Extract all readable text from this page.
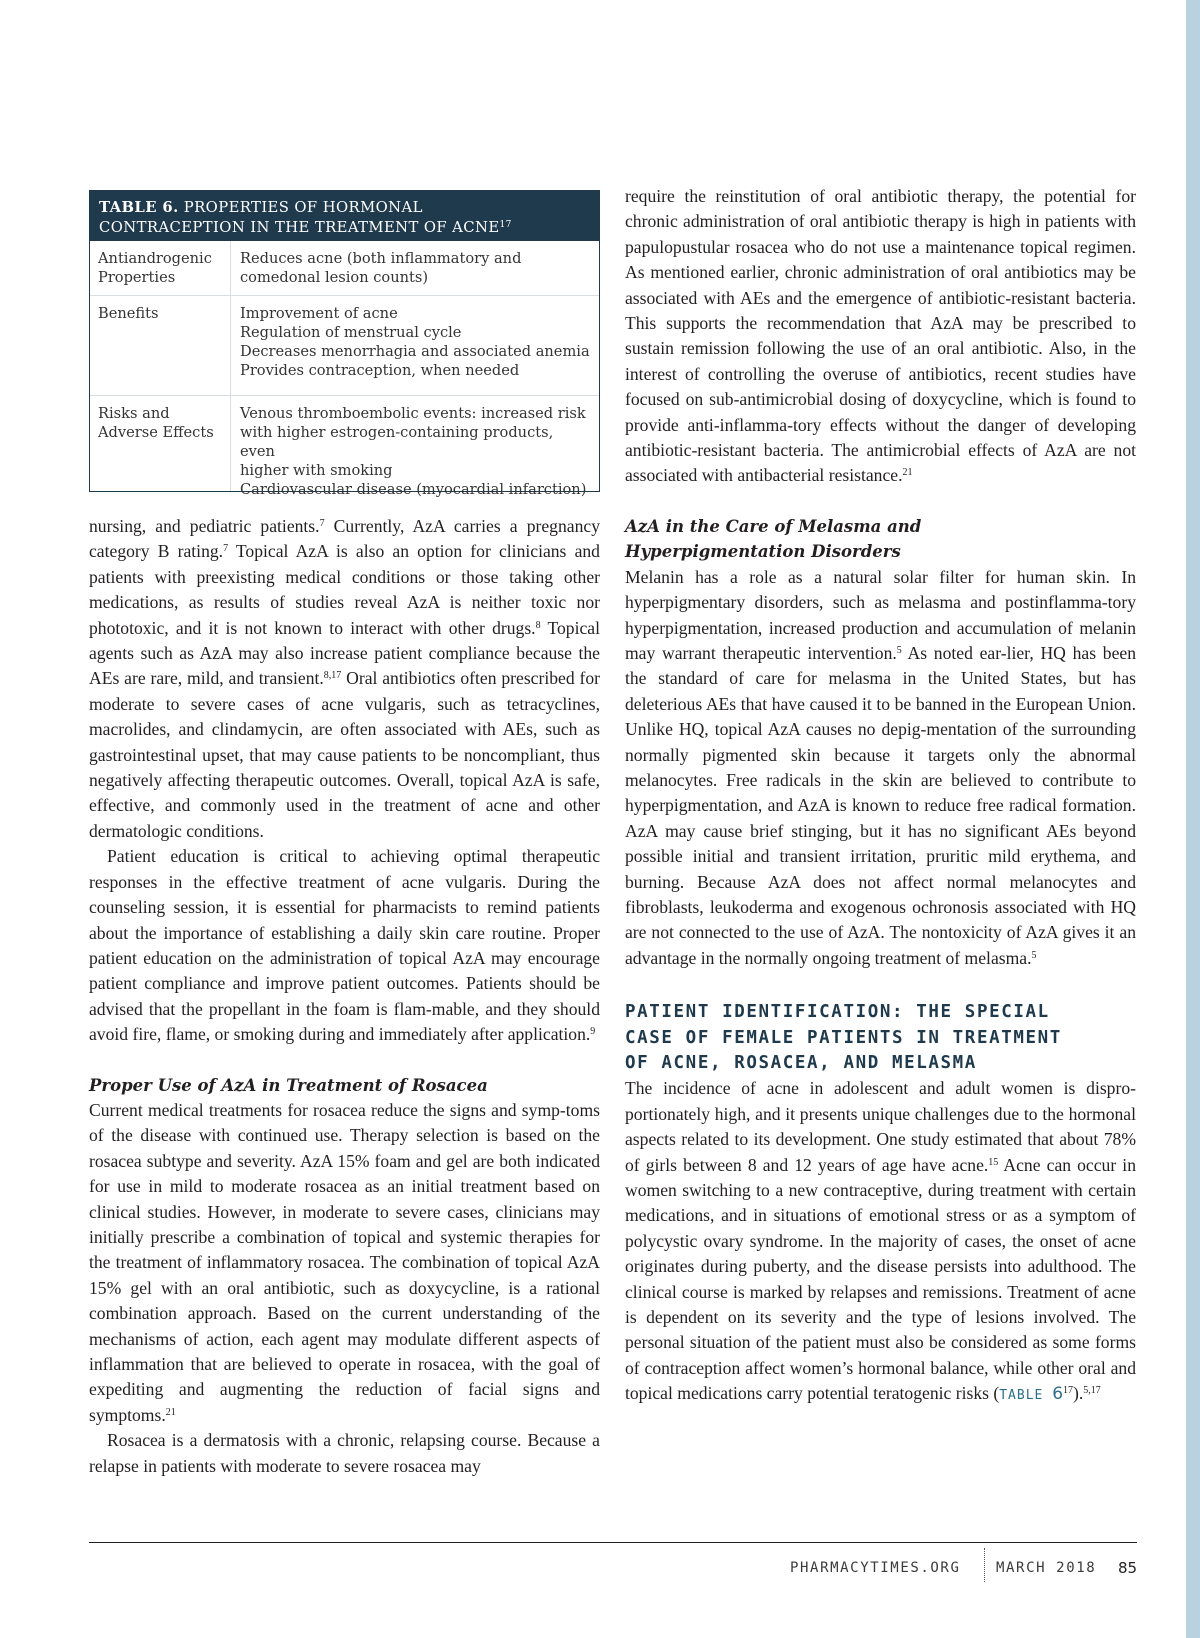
TABLE 6. PROPERTIES OF HORMONAL
CONTRACEPTION IN THE TREATMENT OF ACNE$^{17}$
Antiandrogenic
Properties
Reduces acne (both inflammatory and
comedonal lesion counts)
Benefits	Improvement of acne
Regulation of menstrual cycle
Decreases menorrhagia and associated anemia
Provides contraception, when needed
Risks and
Adverse Effects
Venous thromboembolic events: increased risk
with higher estrogen-containing products, even
higher with smoking
Cardiovascular disease (myocardial infarction)

nursing, and pediatric patients.$^7$ Currently, AzA carries a pregnancy category B rating.$^7$ Topical AzA is also an option for clinicians and patients with preexisting medical conditions or those taking other medications, as results of studies reveal AzA is neither toxic nor phototoxic, and it is not known to interact with other drugs.$^8$ Topical agents such as AzA may also increase patient compliance because the AEs are rare, mild, and transient.$^{8,17}$ Oral antibiotics often prescribed for moderate to severe cases of acne vulgaris, such as tetracyclines, macrolides, and clindamycin, are often associated with AEs, such as gastrointestinal upset, that may cause patients to be noncompliant, thus negatively affecting therapeutic outcomes. Overall, topical AzA is safe, effective, and commonly used in the treatment of acne and other dermatologic conditions.

Patient education is critical to achieving optimal therapeutic responses in the effective treatment of acne vulgaris. During the counseling session, it is essential for pharmacists to remind patients about the importance of establishing a daily skin care routine. Proper patient education on the administration of topical AzA may encourage patient compliance and improve patient outcomes. Patients should be advised that the propellant in the foam is flam-mable, and they should avoid fire, flame, or smoking during and immediately after application.$^9$

Proper Use of AzA in Treatment of Rosacea

Current medical treatments for rosacea reduce the signs and symp-toms of the disease with continued use. Therapy selection is based on the rosacea subtype and severity. AzA 15% foam and gel are both indicated for use in mild to moderate rosacea as an initial treatment based on clinical studies. However, in moderate to severe cases, clinicians may initially prescribe a combination of topical and systemic therapies for the treatment of inflammatory rosacea. The combination of topical AzA 15% gel with an oral antibiotic, such as doxycycline, is a rational combination approach. Based on the current understanding of the mechanisms of action, each agent may modulate different aspects of inflammation that are believed to operate in rosacea, with the goal of expediting and augmenting the reduction of facial signs and symptoms.$^{21}$

Rosacea is a dermatosis with a chronic, relapsing course. Because a relapse in patients with moderate to severe rosacea may

require the reinstitution of oral antibiotic therapy, the potential for chronic administration of oral antibiotic therapy is high in patients with papulopustular rosacea who do not use a maintenance topical regimen. As mentioned earlier, chronic administration of oral antibiotics may be associated with AEs and the emergence of antibiotic-resistant bacteria. This supports the recommendation that AzA may be prescribed to sustain remission following the use of an oral antibiotic. Also, in the interest of controlling the overuse of antibiotics, recent studies have focused on sub-antimicrobial dosing of doxycycline, which is found to provide anti-inflamma-tory effects without the danger of developing antibiotic-resistant bacteria. The antimicrobial effects of AzA are not associated with antibacterial resistance.$^{21}$

AzA in the Care of Melasma and
Hyperpigmentation Disorders

Melanin has a role as a natural solar filter for human skin. In hyperpigmentary disorders, such as melasma and postinflamma-tory hyperpigmentation, increased production and accumulation of melanin may warrant therapeutic intervention.$^5$ As noted ear-lier, HQ has been the standard of care for melasma in the United States, but has deleterious AEs that have caused it to be banned in the European Union. Unlike HQ, topical AzA causes no depig-mentation of the surrounding normally pigmented skin because it targets only the abnormal melanocytes. Free radicals in the skin are believed to contribute to hyperpigmentation, and AzA is known to reduce free radical formation. AzA may cause brief stinging, but it has no significant AEs beyond possible initial and transient irritation, pruritic mild erythema, and burning. Because AzA does not affect normal melanocytes and fibroblasts, leukoderma and exogenous ochronosis associated with HQ are not connected to the use of AzA. The nontoxicity of AzA gives it an advantage in the normally ongoing treatment of melasma.$^5$

PATIENT IDENTIFICATION: THE SPECIAL
CASE OF FEMALE PATIENTS IN TREATMENT
OF ACNE, ROSACEA, AND MELASMA

The incidence of acne in adolescent and adult women is dispro-portionately high, and it presents unique challenges due to the hormonal aspects related to its development. One study estimated that about 78% of girls between 8 and 12 years of age have acne.$^{15}$ Acne can occur in women switching to a new contraceptive, during treatment with certain medications, and in situations of emotional stress or as a symptom of polycystic ovary syndrome. In the majority of cases, the onset of acne originates during puberty, and the disease persists into adulthood. The clinical course is marked by relapses and remissions. Treatment of acne is dependent on its severity and the type of lesions involved. The personal situation of the patient must also be considered as some forms of contraception affect women’s hormonal balance, while other oral and topical medications carry potential teratogenic risks (TABLE $6^{17}).^{5,17}$

PHARMACYTIMES.ORG	MARCH 2018 85
